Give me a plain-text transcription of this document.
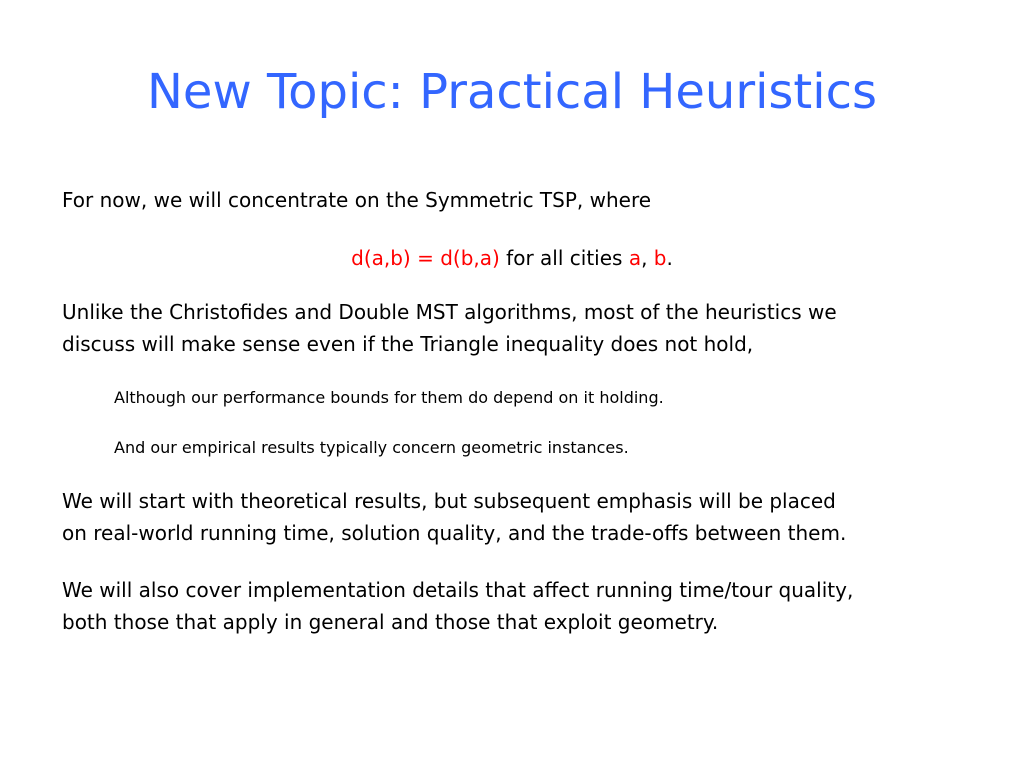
New Topic: Practical Heuristics

For now, we will concentrate on the Symmetric TSP, where

d(a,b) = d(b,a) for all cities a, b.

Unlike the Christofides and Double MST algorithms, most of the heuristics we

discuss will make sense even if the Triangle inequality does not hold,

Although our performance bounds for them do depend on it holding.

And our empirical results typically concern geometric instances.

We will start with theoretical results, but subsequent emphasis will be placed

on real-world running time, solution quality, and the trade-offs between them.

We will also cover implementation details that affect running time/tour quality,

both those that apply in general and those that exploit geometry.
